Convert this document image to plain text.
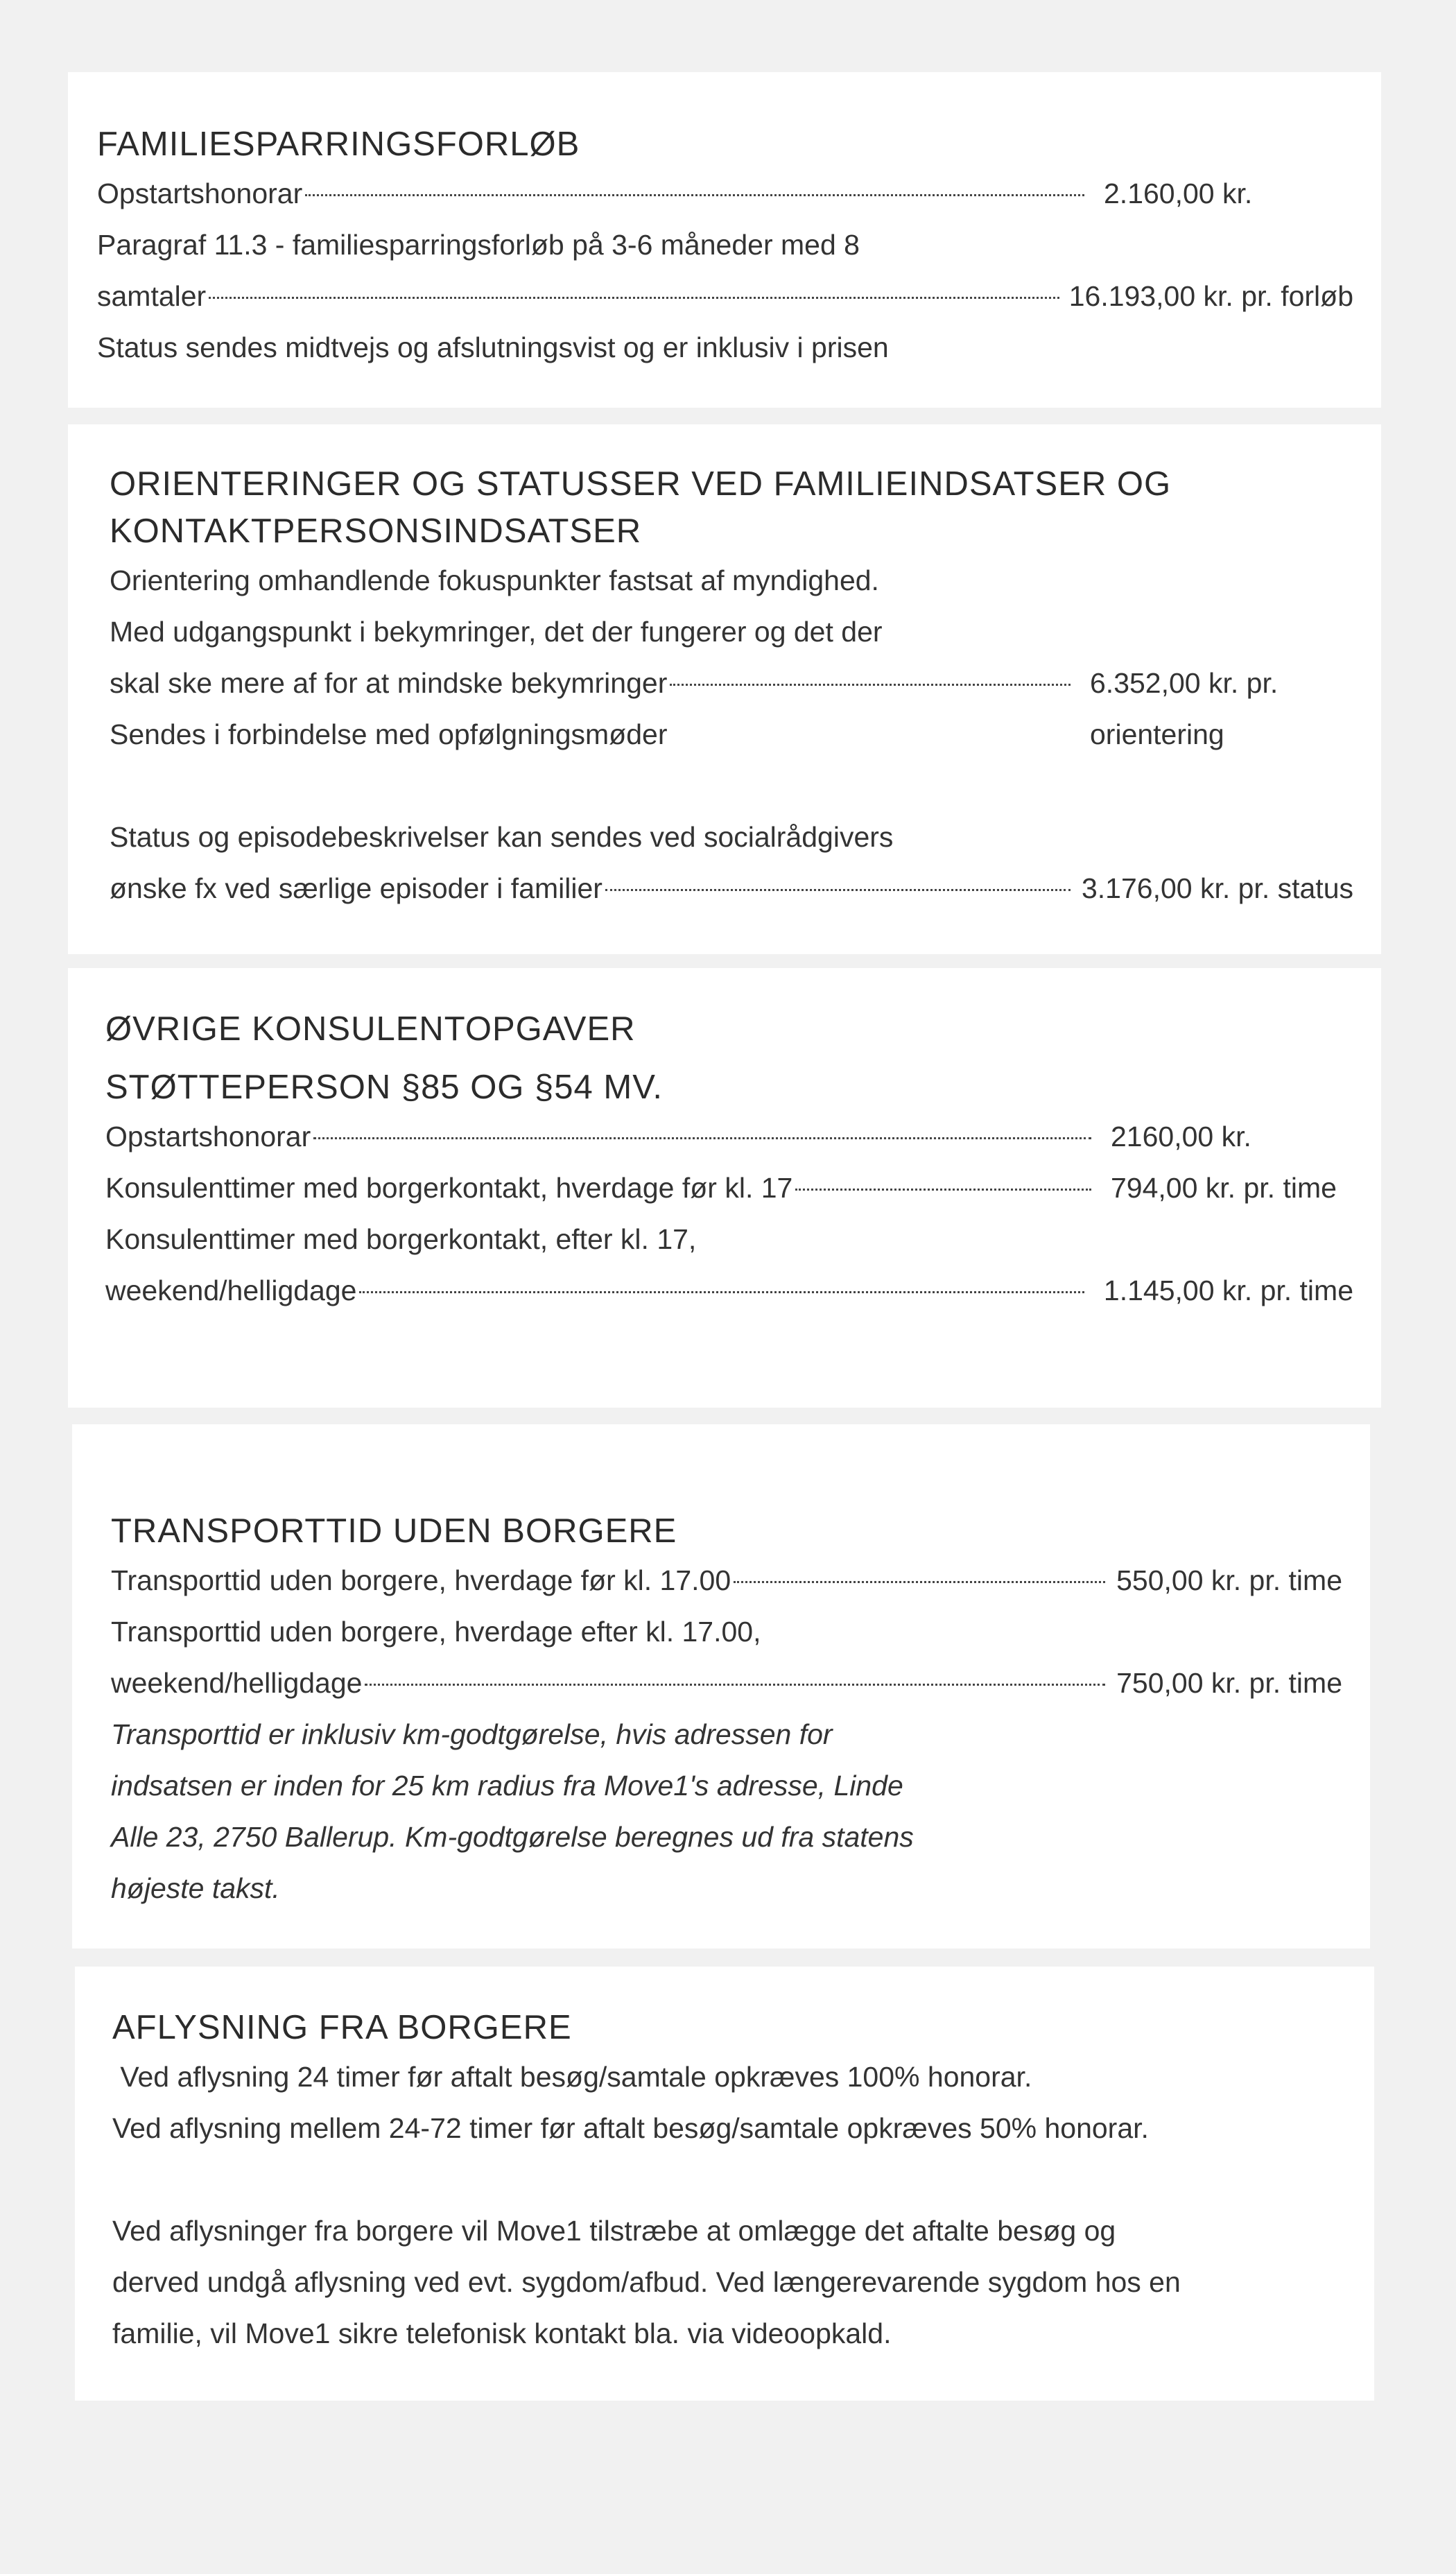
FAMILIESPARRINGSFORLØB
Opstartshonorar	2.160,00 kr.
Paragraf 11.3 - familiesparringsforløb på 3-6 måneder med 8
samtaler	16.193,00 kr. pr. forløb
Status sendes midtvejs og afslutningsvist og er inklusiv i prisen
ORIENTERINGER OG STATUSSER VED FAMILIEINDSATSER OG
KONTAKTPERSONSINDSATSER
Orientering omhandlende fokuspunkter fastsat af myndighed.
Med udgangspunkt i bekymringer, det der fungerer og det der
skal ske mere af for at mindske bekymringer	6.352,00 kr. pr.
Sendes i forbindelse med opfølgningsmøder	orientering
Status og episodebeskrivelser kan sendes ved socialrådgivers
ønske fx ved særlige episoder i familier	3.176,00 kr. pr. status
ØVRIGE KONSULENTOPGAVER
STØTTEPERSON §85 OG §54 MV.
Opstartshonorar	2160,00 kr.
Konsulenttimer med borgerkontakt, hverdage før kl. 17	794,00 kr. pr. time
Konsulenttimer med borgerkontakt, efter kl. 17,
weekend/helligdage	1.145,00 kr. pr. time
TRANSPORTTID UDEN BORGERE
Transporttid uden borgere, hverdage før kl. 17.00	550,00 kr. pr. time
Transporttid uden borgere, hverdage efter kl. 17.00,
weekend/helligdage	750,00 kr. pr. time
Transporttid er inklusiv km-godtgørelse, hvis adressen for
indsatsen er inden for 25 km radius fra Move1's adresse, Linde
Alle 23, 2750 Ballerup. Km-godtgørelse beregnes ud fra statens
højeste takst.
AFLYSNING FRA BORGERE
Ved aflysning 24 timer før aftalt besøg/samtale opkræves 100% honorar.
Ved aflysning mellem 24-72 timer før aftalt besøg/samtale opkræves 50% honorar.
Ved aflysninger fra borgere vil Move1 tilstræbe at omlægge det aftalte besøg og
derved undgå aflysning ved evt. sygdom/afbud. Ved længerevarende sygdom hos en
familie, vil Move1 sikre telefonisk kontakt bla. via videoopkald.
